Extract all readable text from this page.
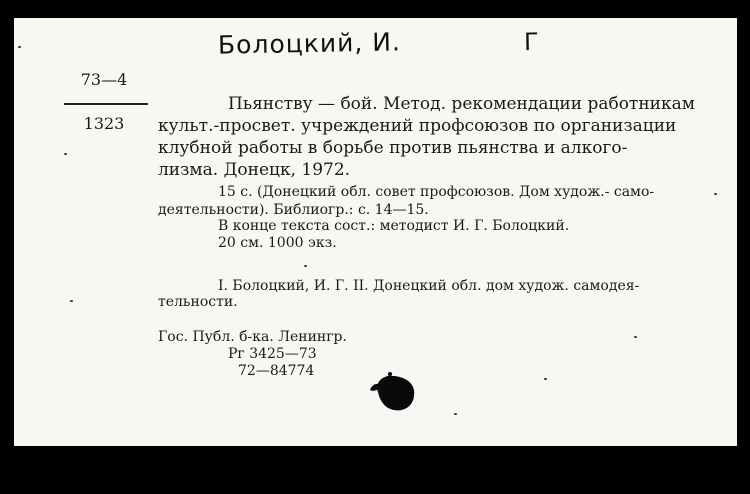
Болоцкий, И.	Г
73—4
1323
Пьянству — бой. Метод. рекомендации работникам
культ.-просвет. учреждений профсоюзов по организации
клубной работы в борьбе против пьянства и алкого-
лизма. Донецк, 1972.
15 с. (Донецкий обл. совет профсоюзов. Дом худож.- само-
деятельности). Библиогр.: с. 14—15.
В конце текста сост.: методист И. Г. Болоцкий.
20 см. 1000 экз.
I. Болоцкий, И. Г. II. Донецкий обл. дом худож. самодея-
тельности.
Гос. Публ. б-ка. Ленингр.
Рг 3425—73
72—84774
